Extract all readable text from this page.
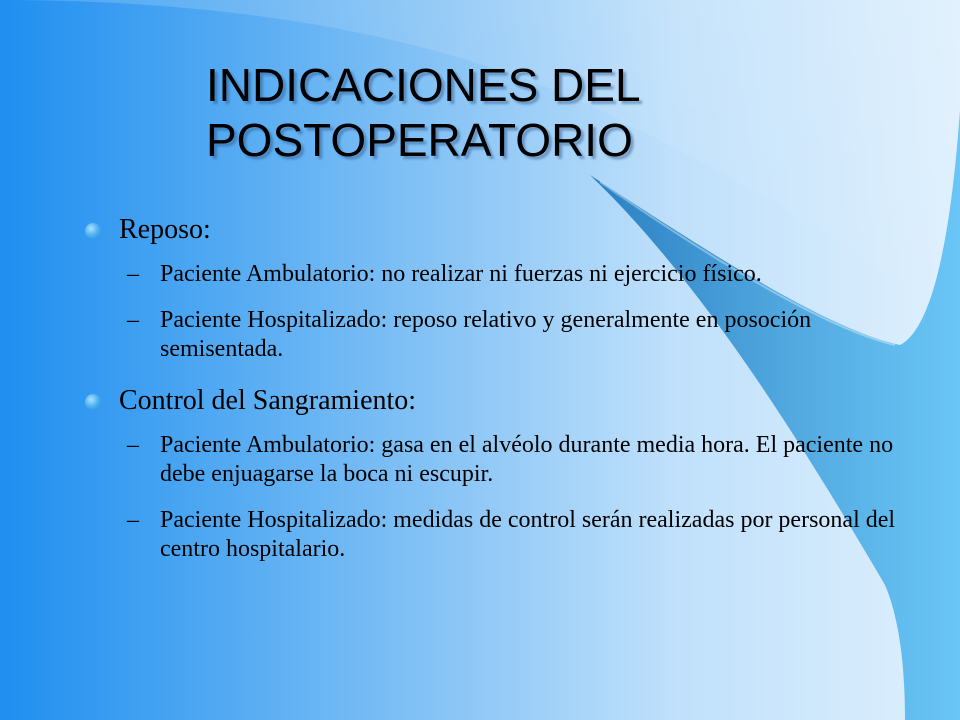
INDICACIONES DEL
POSTOPERATORIO
Reposo:
– Paciente Ambulatorio: no realizar ni fuerzas ni ejercicio físico.
– Paciente Hospitalizado: reposo relativo y generalmente en posoción semisentada.
Control del Sangramiento:
– Paciente Ambulatorio: gasa en el alvéolo durante media hora. El paciente no debe enjuagarse la boca ni escupir.
– Paciente Hospitalizado: medidas de control serán realizadas por personal del centro hospitalario.
